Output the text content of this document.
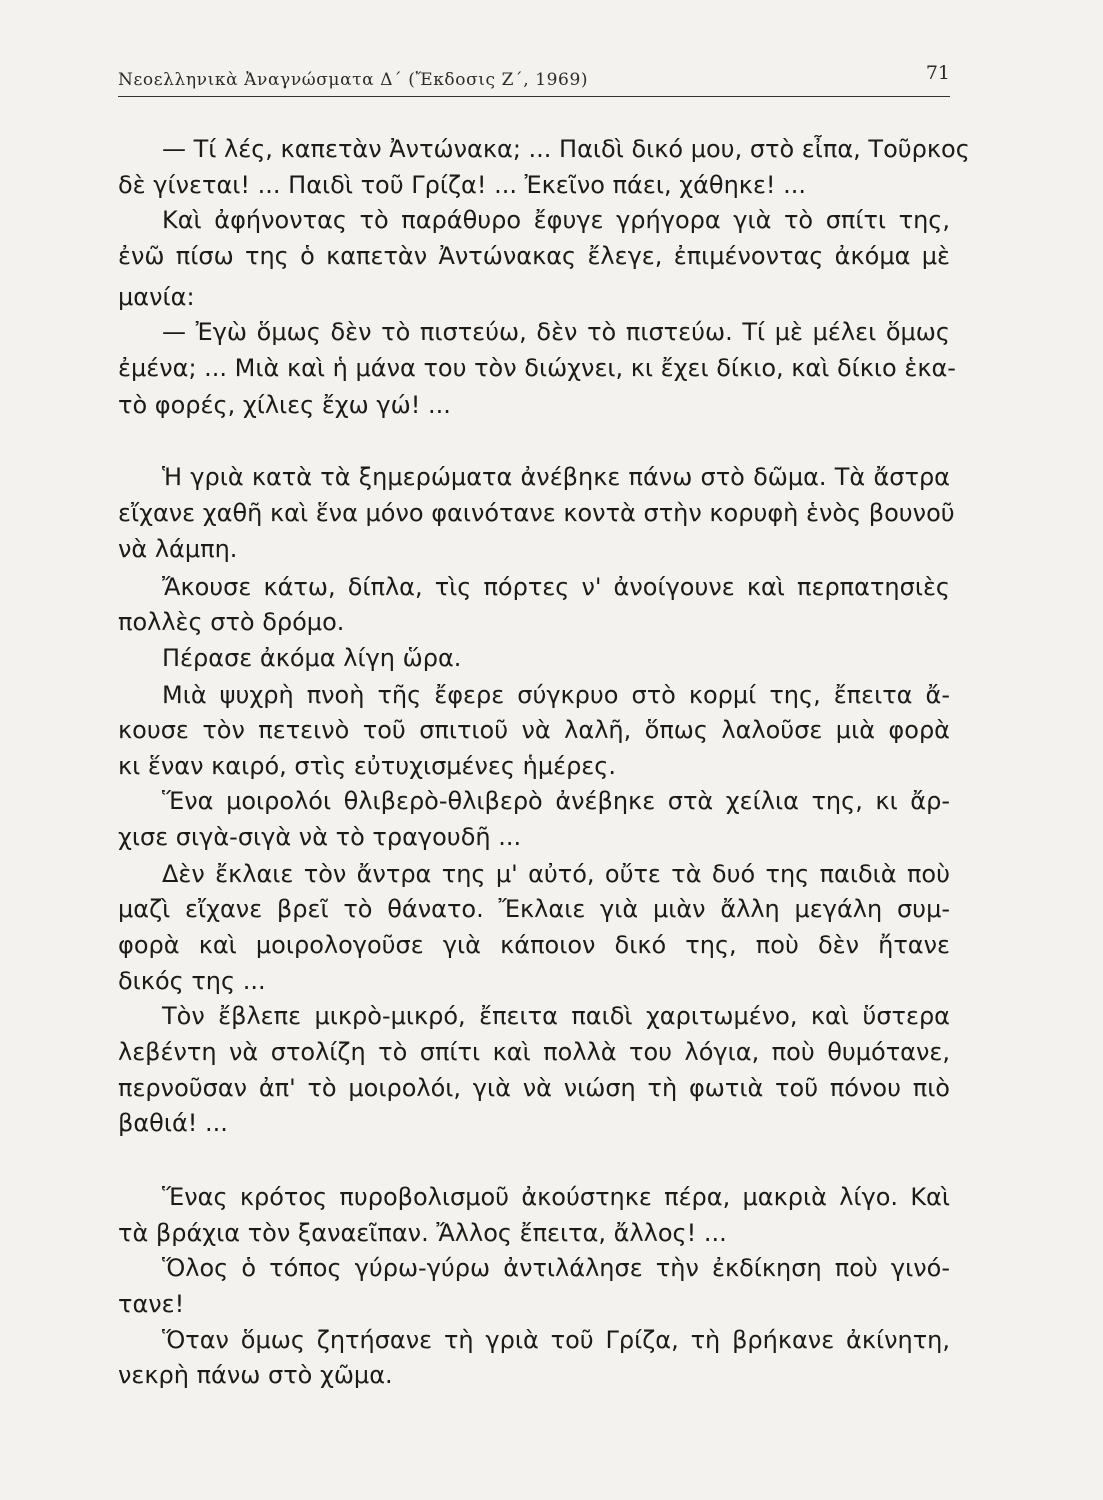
Νεοελληνικὰ Ἀναγνώσματα Δ΄ (Ἔκδοσις Ζ΄, 1969)	71
— Τί λές, καπετὰν Ἀντώνακα; ... Παιδὶ δικό μου, στὸ εἶπα, Τοῦρκος
δὲ γίνεται! ... Παιδὶ τοῦ Γρίζα! ... Ἐκεῖνο πάει, χάθηκε! ...
Καὶ ἀφήνοντας τὸ παράθυρο ἔφυγε γρήγορα γιὰ τὸ σπίτι της,
ἐνῶ πίσω της ὁ καπετὰν Ἀντώνακας ἔλεγε, ἐπιμένοντας ἀκόμα μὲ
μανία:
— Ἐγὼ ὅμως δὲν τὸ πιστεύω, δὲν τὸ πιστεύω. Τί μὲ μέλει ὅμως
ἐμένα; ... Μιὰ καὶ ἡ μάνα του τὸν διώχνει, κι ἔχει δίκιο, καὶ δίκιο ἑκα-
τὸ φορές, χίλιες ἔχω γώ! ...
Ἡ γριὰ κατὰ τὰ ξημερώματα ἀνέβηκε πάνω στὸ δῶμα. Τὰ ἄστρα
εἴχανε χαθῆ καὶ ἕνα μόνο φαινότανε κοντὰ στὴν κορυφὴ ἑνὸς βουνοῦ
νὰ λάμπη.
Ἄκουσε κάτω, δίπλα, τὶς πόρτες ν' ἀνοίγουνε καὶ περπατησιὲς
πολλὲς στὸ δρόμο.
Πέρασε ἀκόμα λίγη ὥρα.
Μιὰ ψυχρὴ πνοὴ τῆς ἔφερε σύγκρυο στὸ κορμί της, ἔπειτα ἄ-
κουσε τὸν πετεινὸ τοῦ σπιτιοῦ νὰ λαλῆ, ὅπως λαλοῦσε μιὰ φορὰ
κι ἕναν καιρό, στὶς εὐτυχισμένες ἡμέρες.
Ἕνα μοιρολόι θλιβερὸ-θλιβερὸ ἀνέβηκε στὰ χείλια της, κι ἄρ-
χισε σιγὰ-σιγὰ νὰ τὸ τραγουδῆ ...
Δὲν ἔκλαιε τὸν ἄντρα της μ' αὐτό, οὔτε τὰ δυό της παιδιὰ ποὺ
μαζὶ εἴχανε βρεῖ τὸ θάνατο. Ἔκλαιε γιὰ μιὰν ἄλλη μεγάλη συμ-
φορὰ καὶ μοιρολογοῦσε γιὰ κάποιον δικό της, ποὺ δὲν ἤτανε
δικός της ...
Τὸν ἔβλεπε μικρὸ-μικρό, ἔπειτα παιδὶ χαριτωμένο, καὶ ὕστερα
λεβέντη νὰ στολίζη τὸ σπίτι καὶ πολλὰ του λόγια, ποὺ θυμότανε,
περνοῦσαν ἀπ' τὸ μοιρολόι, γιὰ νὰ νιώση τὴ φωτιὰ τοῦ πόνου πιὸ
βαθιά! ...
Ἕνας κρότος πυροβολισμοῦ ἀκούστηκε πέρα, μακριὰ λίγο. Καὶ
τὰ βράχια τὸν ξαναεῖπαν. Ἄλλος ἔπειτα, ἄλλος! ...
Ὅλος ὁ τόπος γύρω-γύρω ἀντιλάλησε τὴν ἐκδίκηση ποὺ γινό-
τανε!
Ὅταν ὅμως ζητήσανε τὴ γριὰ τοῦ Γρίζα, τὴ βρήκανε ἀκίνητη,
νεκρὴ πάνω στὸ χῶμα.
